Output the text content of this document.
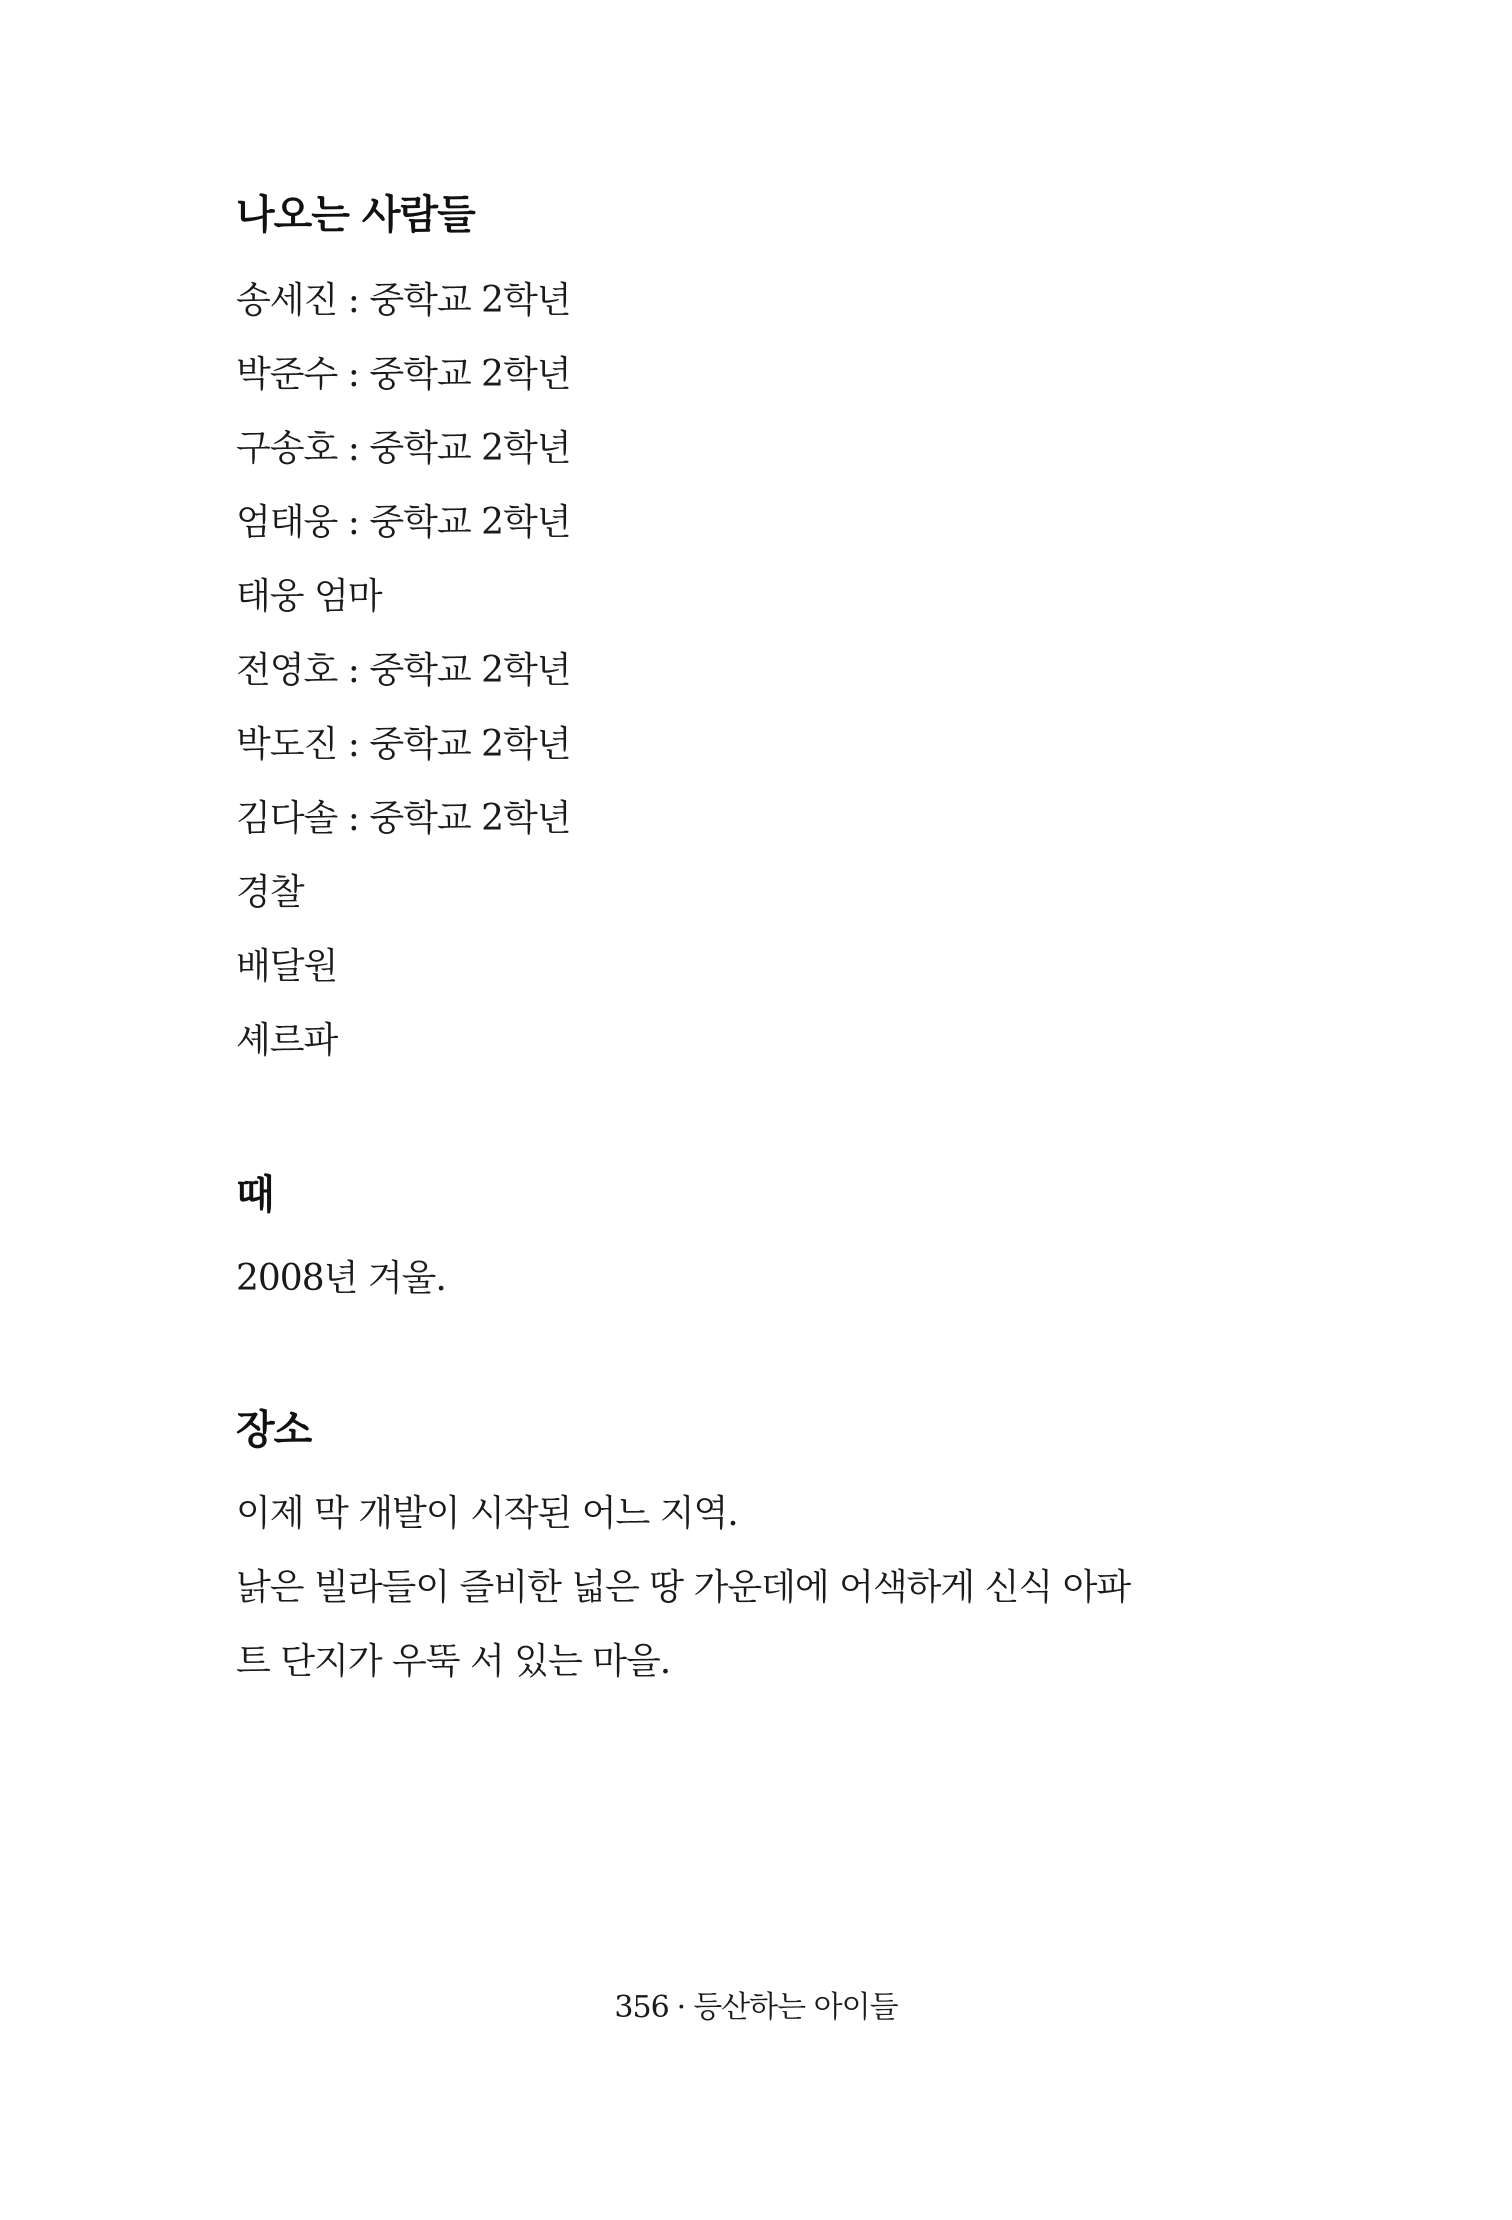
나오는 사람들

송세진 : 중학교 2학년

박준수 : 중학교 2학년

구송호 : 중학교 2학년

엄태웅 : 중학교 2학년

태웅 엄마

전영호 : 중학교 2학년

박도진 : 중학교 2학년

김다솔 : 중학교 2학년

경찰

배달원

셰르파

때

2008년 겨울.

장소

이제 막 개발이 시작된 어느 지역.

낡은 빌라들이 즐비한 넓은 땅 가운데에 어색하게 신식 아파

트 단지가 우뚝 서 있는 마을.

356 · 등산하는 아이들
